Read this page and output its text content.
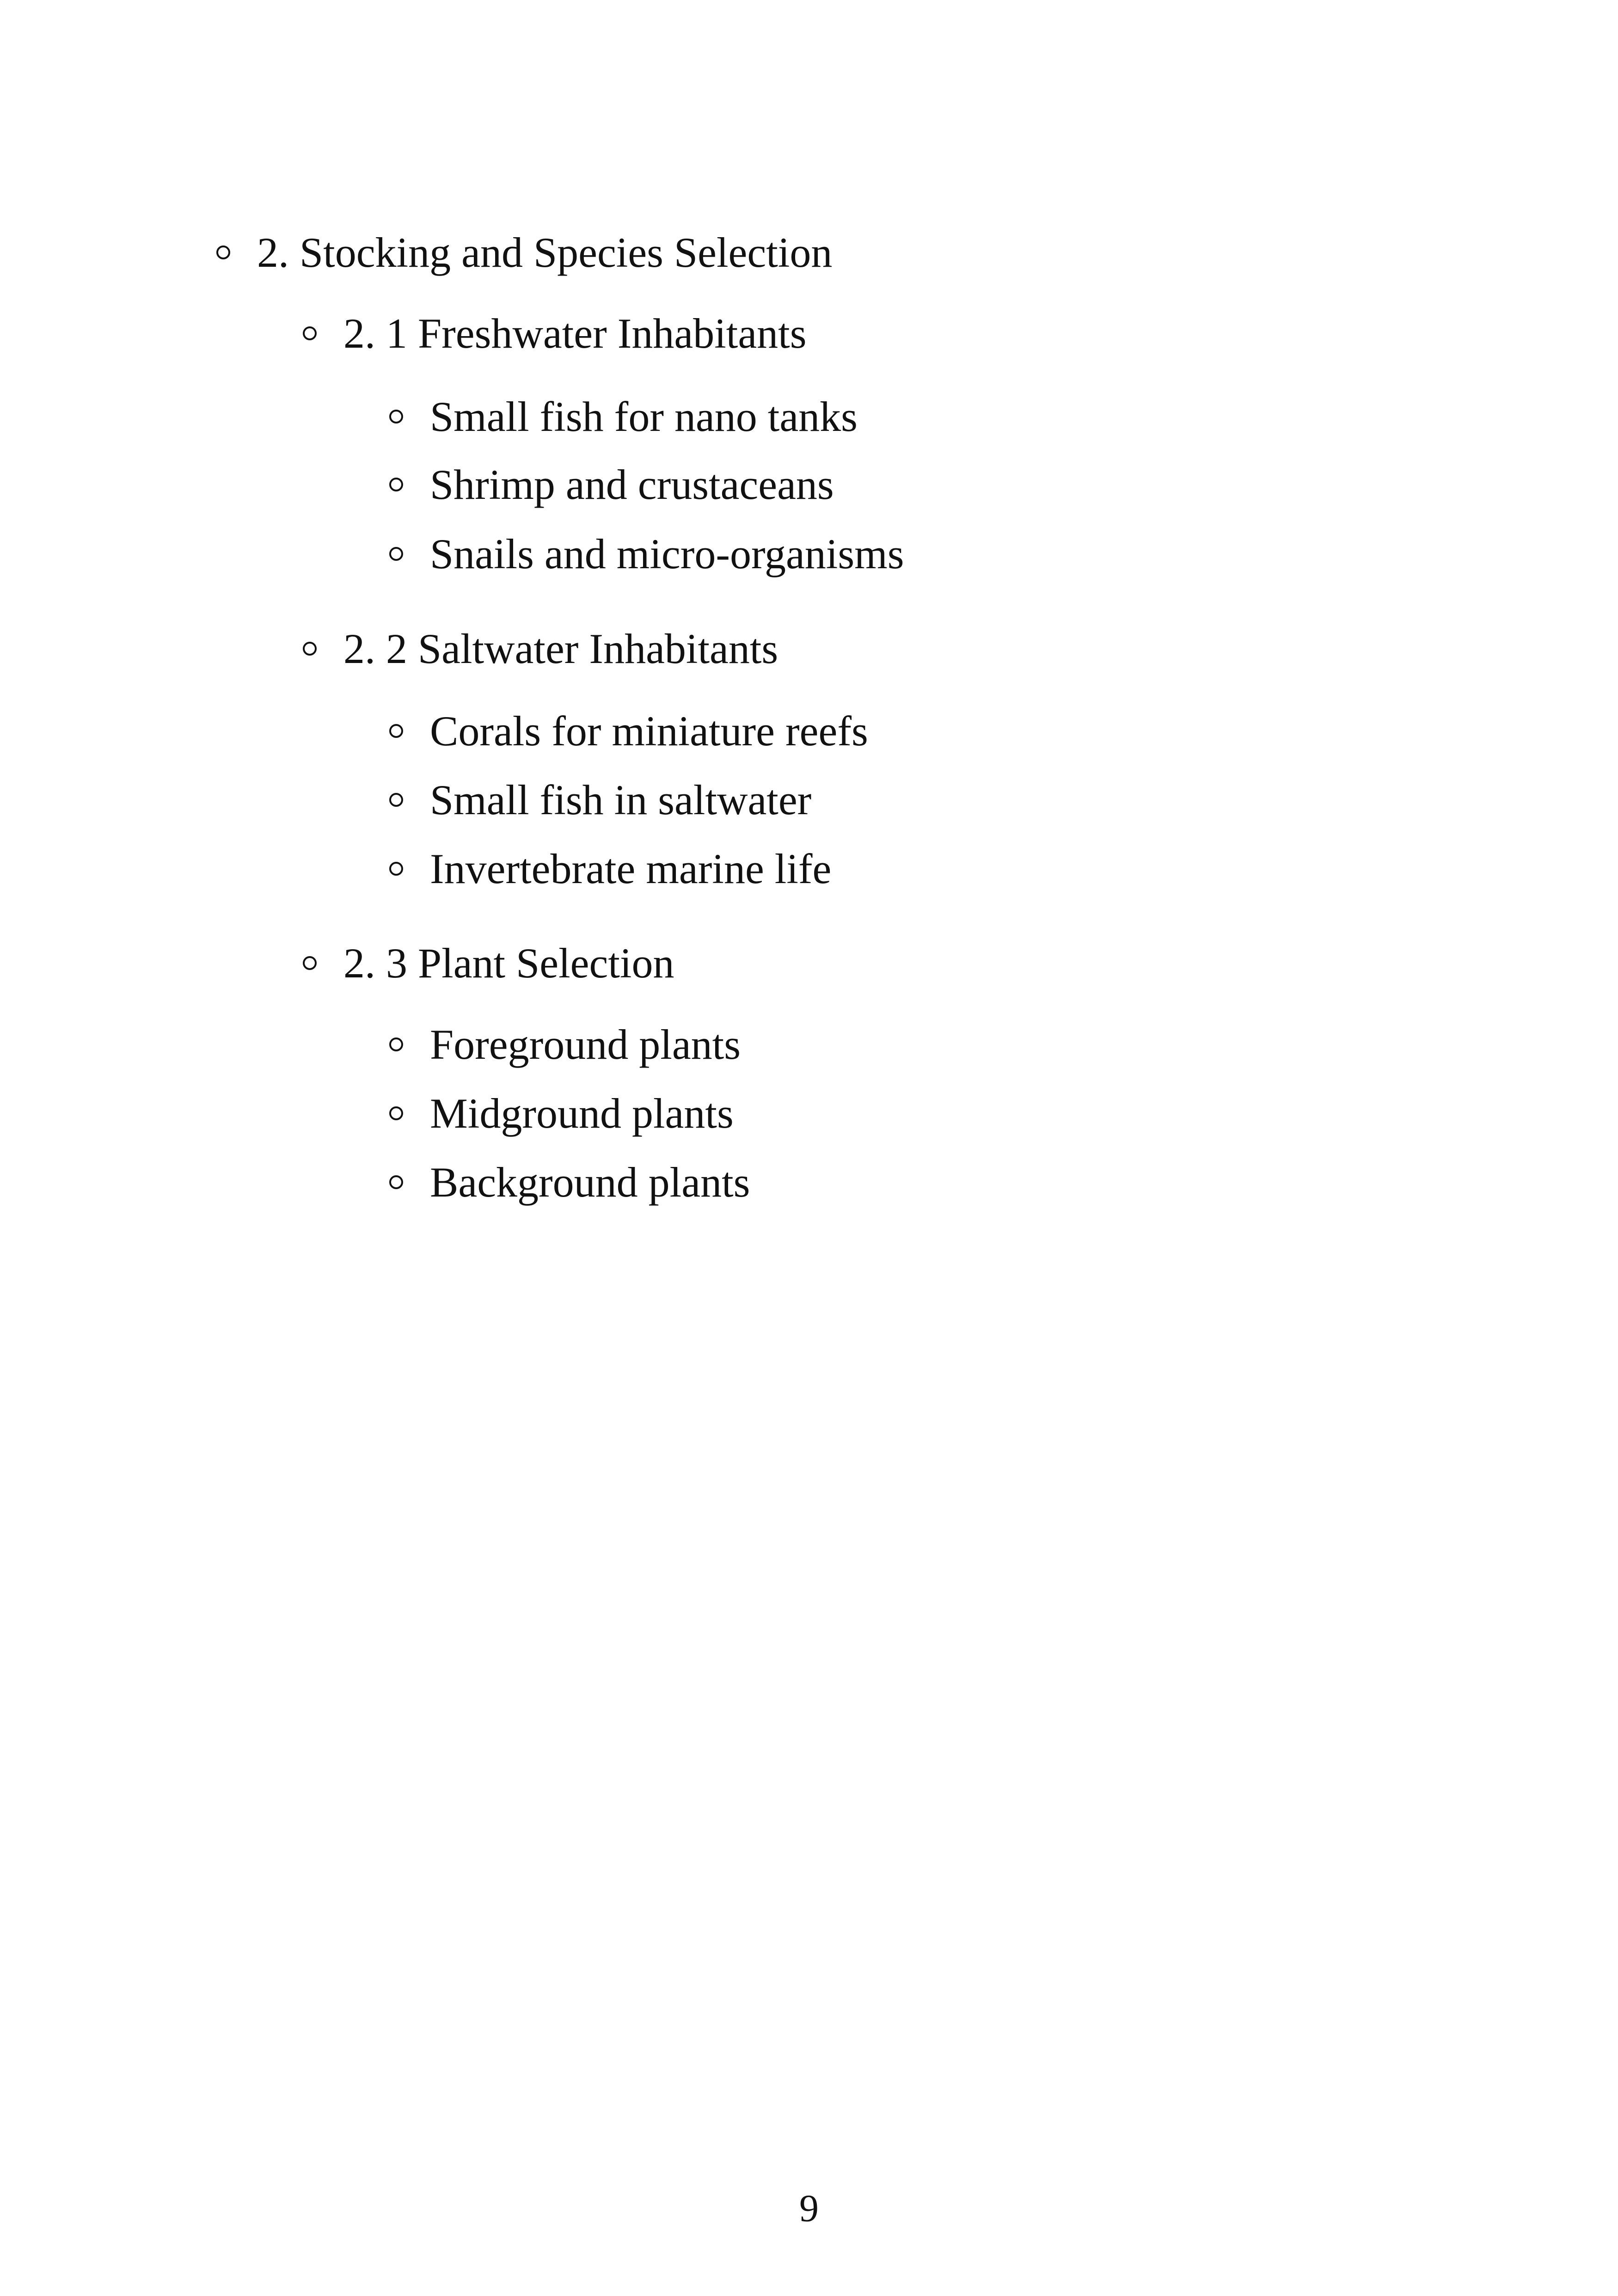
2. Stocking and Species Selection
2. 1 Freshwater Inhabitants
Small fish for nano tanks
Shrimp and crustaceans
Snails and micro-organisms
2. 2 Saltwater Inhabitants
Corals for miniature reefs
Small fish in saltwater
Invertebrate marine life
2. 3 Plant Selection
Foreground plants
Midground plants
Background plants
9
